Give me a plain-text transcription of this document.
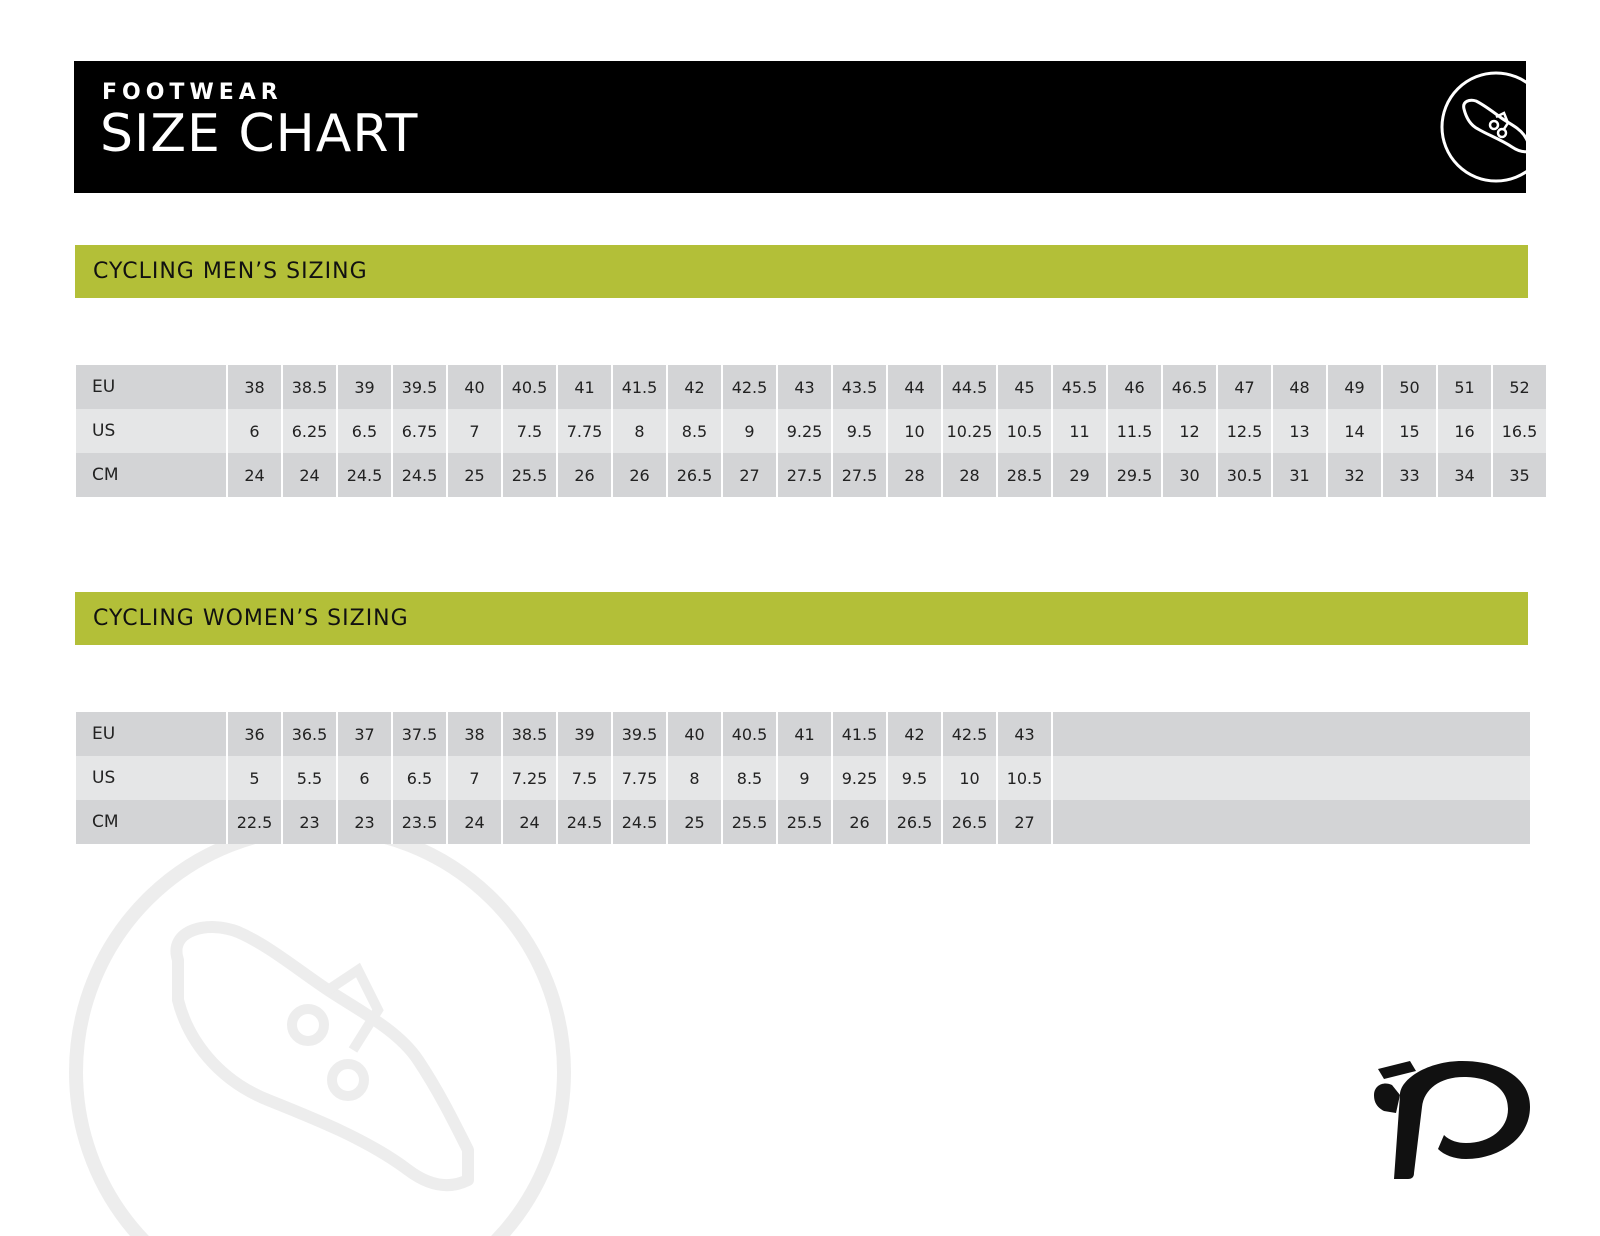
FOOTWEAR
SIZE CHART
CYCLING MEN’S SIZING
EU	38	38.5	39	39.5	40	40.5	41	41.5	42	42.5	43	43.5	44	44.5	45	45.5	46	46.5	47	48	49	50	51	52
US	6	6.25	6.5	6.75	7	7.5	7.75	8	8.5	9	9.25	9.5	10	10.25	10.5	11	11.5	12	12.5	13	14	15	16	16.5
CM	24	24	24.5	24.5	25	25.5	26	26	26.5	27	27.5	27.5	28	28	28.5	29	29.5	30	30.5	31	32	33	34	35
CYCLING WOMEN’S SIZING
EU	36	36.5	37	37.5	38	38.5	39	39.5	40	40.5	41	41.5	42	42.5	43	
US	5	5.5	6	6.5	7	7.25	7.5	7.75	8	8.5	9	9.25	9.5	10	10.5	
CM	22.5	23	23	23.5	24	24	24.5	24.5	25	25.5	25.5	26	26.5	26.5	27	
